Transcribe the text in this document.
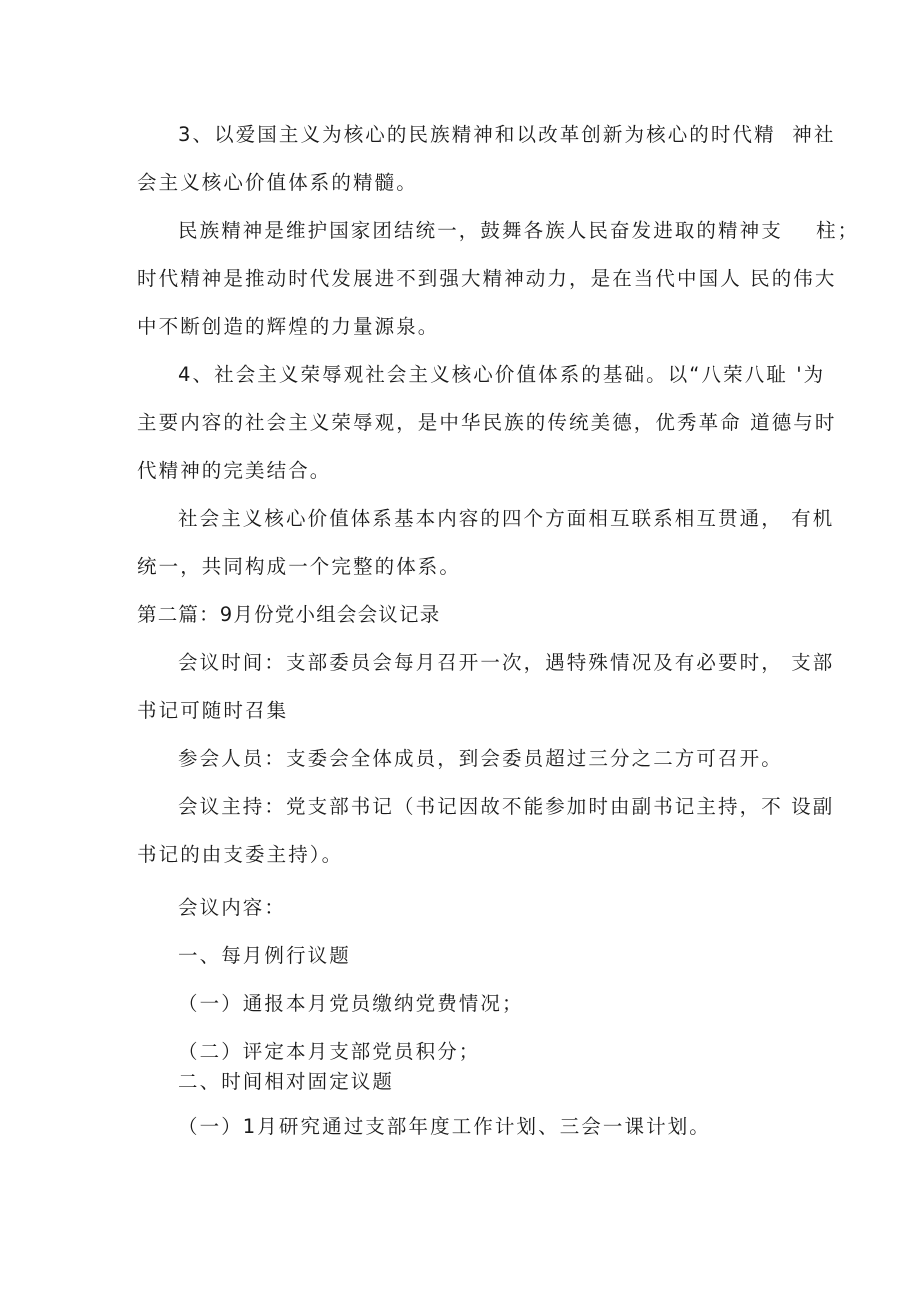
3、以爱国主义为核心的民族精神和以改革创新为核心的时代精  神社
会主义核心价值体系的精髓。
民族精神是维护国家团结统一，鼓舞各族人民奋发进取的精神支    柱；
时代精神是推动时代发展进不到强大精神动力，是在当代中国人 民的伟大
中不断创造的辉煌的力量源泉。
4、社会主义荣辱观社会主义核心价值体系的基础。以“八荣八耻 '为
主要内容的社会主义荣辱观，是中华民族的传统美德，优秀革命 道德与时
代精神的完美结合。
社会主义核心价值体系基本内容的四个方面相互联系相互贯通， 有机
统一，共同构成一个完整的体系。
第二篇：9月份党小组会会议记录
会议时间：支部委员会每月召开一次，遇特殊情况及有必要时， 支部
书记可随时召集
参会人员：支委会全体成员，到会委员超过三分之二方可召开。
会议主持：党支部书记（书记因故不能参加时由副书记主持，不 设副
书记的由支委主持）。
会议内容：
一、每月例行议题
（一）通报本月党员缴纳党费情况；
（二）评定本月支部党员积分；
二、时间相对固定议题
（一）1月研究通过支部年度工作计划、三会一课计划。
